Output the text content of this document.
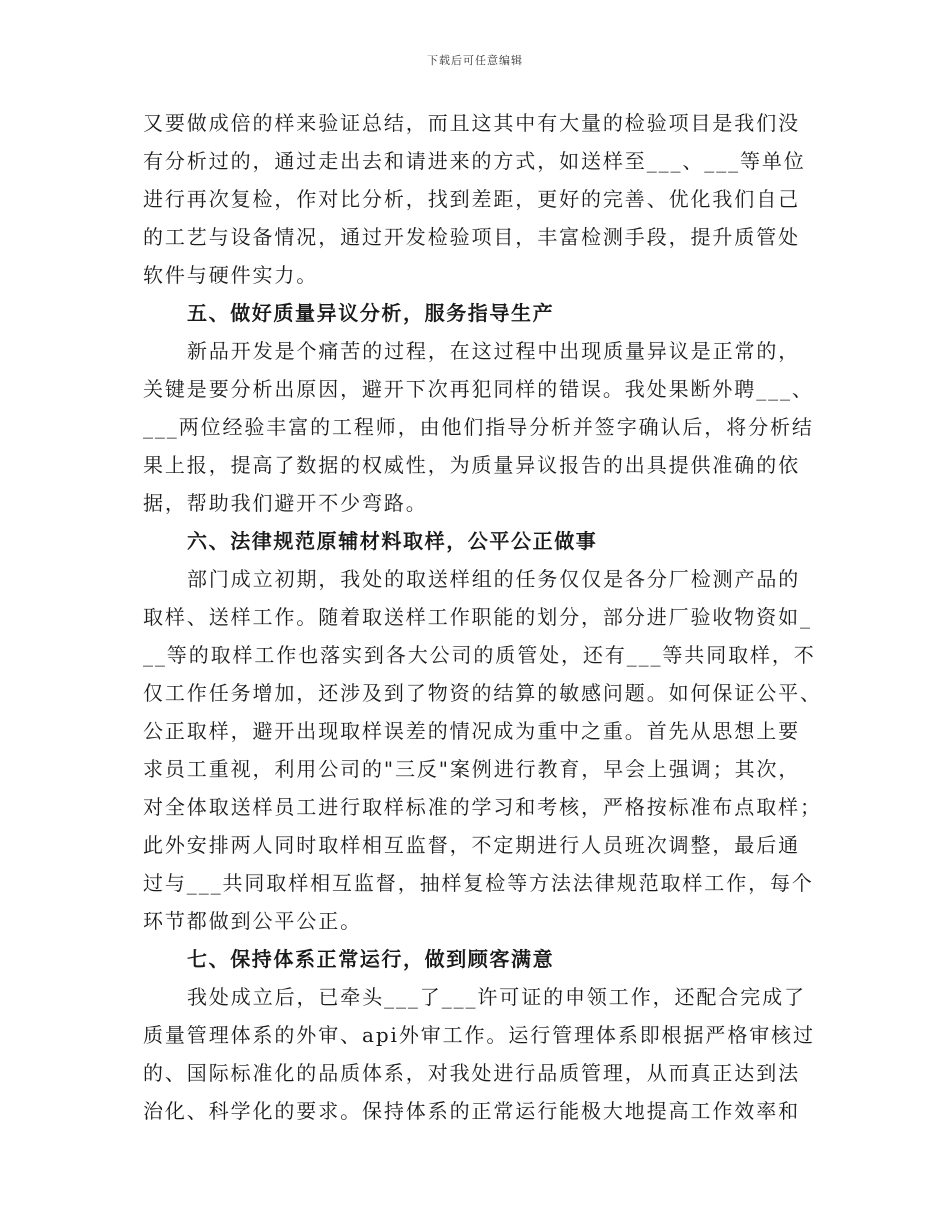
下载后可任意编辑
又要做成倍的样来验证总结，而且这其中有大量的检验项目是我们没
有分析过的，通过走出去和请进来的方式，如送样至___、___等单位
进行再次复检，作对比分析，找到差距，更好的完善、优化我们自己
的工艺与设备情况，通过开发检验项目，丰富检测手段，提升质管处
软件与硬件实力。
五、做好质量异议分析，服务指导生产
新品开发是个痛苦的过程，在这过程中出现质量异议是正常的，
关键是要分析出原因，避开下次再犯同样的错误。我处果断外聘___、
___两位经验丰富的工程师，由他们指导分析并签字确认后，将分析结
果上报，提高了数据的权威性，为质量异议报告的出具提供准确的依
据，帮助我们避开不少弯路。
六、法律规范原辅材料取样，公平公正做事
部门成立初期，我处的取送样组的任务仅仅是各分厂检测产品的
取样、送样工作。随着取送样工作职能的划分，部分进厂验收物资如_
__等的取样工作也落实到各大公司的质管处，还有___等共同取样，不
仅工作任务增加，还涉及到了物资的结算的敏感问题。如何保证公平、
公正取样，避开出现取样误差的情况成为重中之重。首先从思想上要
求员工重视，利用公司的"三反"案例进行教育，早会上强调；其次，
对全体取送样员工进行取样标准的学习和考核，严格按标准布点取样；
此外安排两人同时取样相互监督，不定期进行人员班次调整，最后通
过与___共同取样相互监督，抽样复检等方法法律规范取样工作，每个
环节都做到公平公正。
七、保持体系正常运行，做到顾客满意
我处成立后，已牵头___了___许可证的申领工作，还配合完成了
质量管理体系的外审、api外审工作。运行管理体系即根据严格审核过
的、国际标准化的品质体系，对我处进行品质管理，从而真正达到法
治化、科学化的要求。保持体系的正常运行能极大地提高工作效率和
